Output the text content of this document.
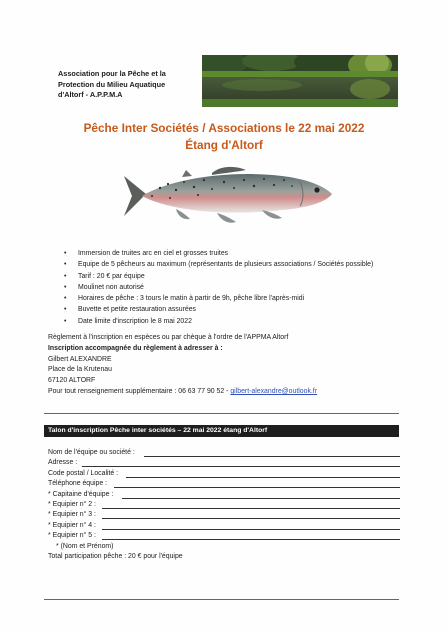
Association pour la Pêche et la
Protection du Milieu Aquatique
d'Altorf - A.P.P.M.A
Pêche Inter Sociétés / Associations le 22 mai 2022
Étang d'Altorf
• Immersion de truites arc en ciel et grosses truites
• Equipe de 5 pêcheurs au maximum (représentants de plusieurs associations / Sociétés possible)
• Tarif : 20 € par équipe
• Moulinet non autorisé
• Horaires de pêche : 3 tours le matin à partir de 9h, pêche libre l'après-midi
• Buvette et petite restauration assurées
• Date limite d'inscription le 8 mai 2022
Règlement à l'inscription en espèces ou par chèque à l'ordre de l'APPMA Altorf
Inscription accompagnée du règlement à adresser à :
Gilbert ALEXANDRE
Place de la Krutenau
67120 ALTORF
Pour tout renseignement supplémentaire : 06 63 77 90 52 - gilbert-alexandre@outlook.fr
Talon d'inscription Pêche inter sociétés – 22 mai 2022 étang d'Altorf
Nom de l'équipe ou société :
Adresse :
Code postal / Localité :
Téléphone équipe :
* Capitaine d'équipe :
* Equipier n° 2 :
* Equipier n° 3 :
* Equipier n° 4 :
* Equipier n° 5 :
* (Nom et Prénom)
Total participation pêche : 20 € pour l'équipe
